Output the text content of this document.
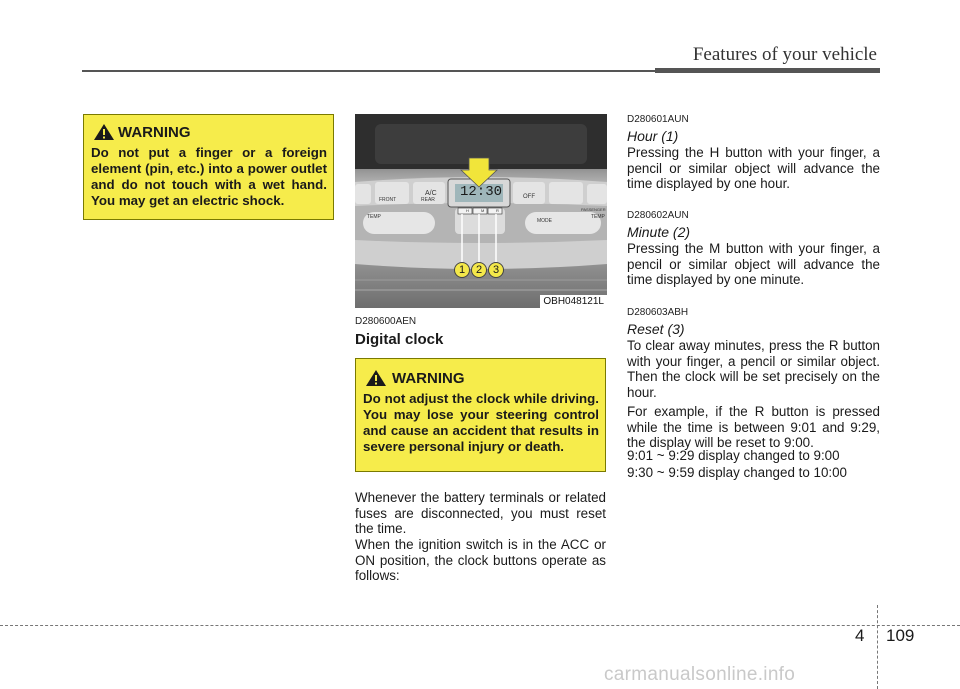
Features of your vehicle
WARNING
Do not put a finger or a foreign element (pin, etc.) into a power outlet and do not touch with a wet hand. You may get an electric shock.
12:30
FRONT	REAR
A/C	OFF
TEMP
MODE
TEMP
PASSENGER
H	M	R
1 2 3
OBH048121L
D280600AEN
Digital clock
WARNING
Do not adjust the clock while driving. You may lose your steering control and cause an accident that results in severe personal injury or death.
Whenever the battery terminals or related fuses are disconnected, you must reset the time.
When the ignition switch is in the ACC or ON position, the clock buttons operate as follows:
D280601AUN
Hour (1)
Pressing the H button with your finger, a pencil or similar object will advance the time displayed by one hour.
D280602AUN
Minute (2)
Pressing the M button with your finger, a pencil or similar object will advance the time displayed by one minute.
D280603ABH
Reset (3)
To clear away minutes, press the R button with your finger, a pencil or similar object. Then the clock will be set precisely on the hour.
For example, if the R button is pressed while the time is between 9:01 and 9:29, the display will be reset to 9:00.
9:01 ~ 9:29 display changed to 9:00
9:30 ~ 9:59 display changed to 10:00
4 109
carmanualsonline.info
